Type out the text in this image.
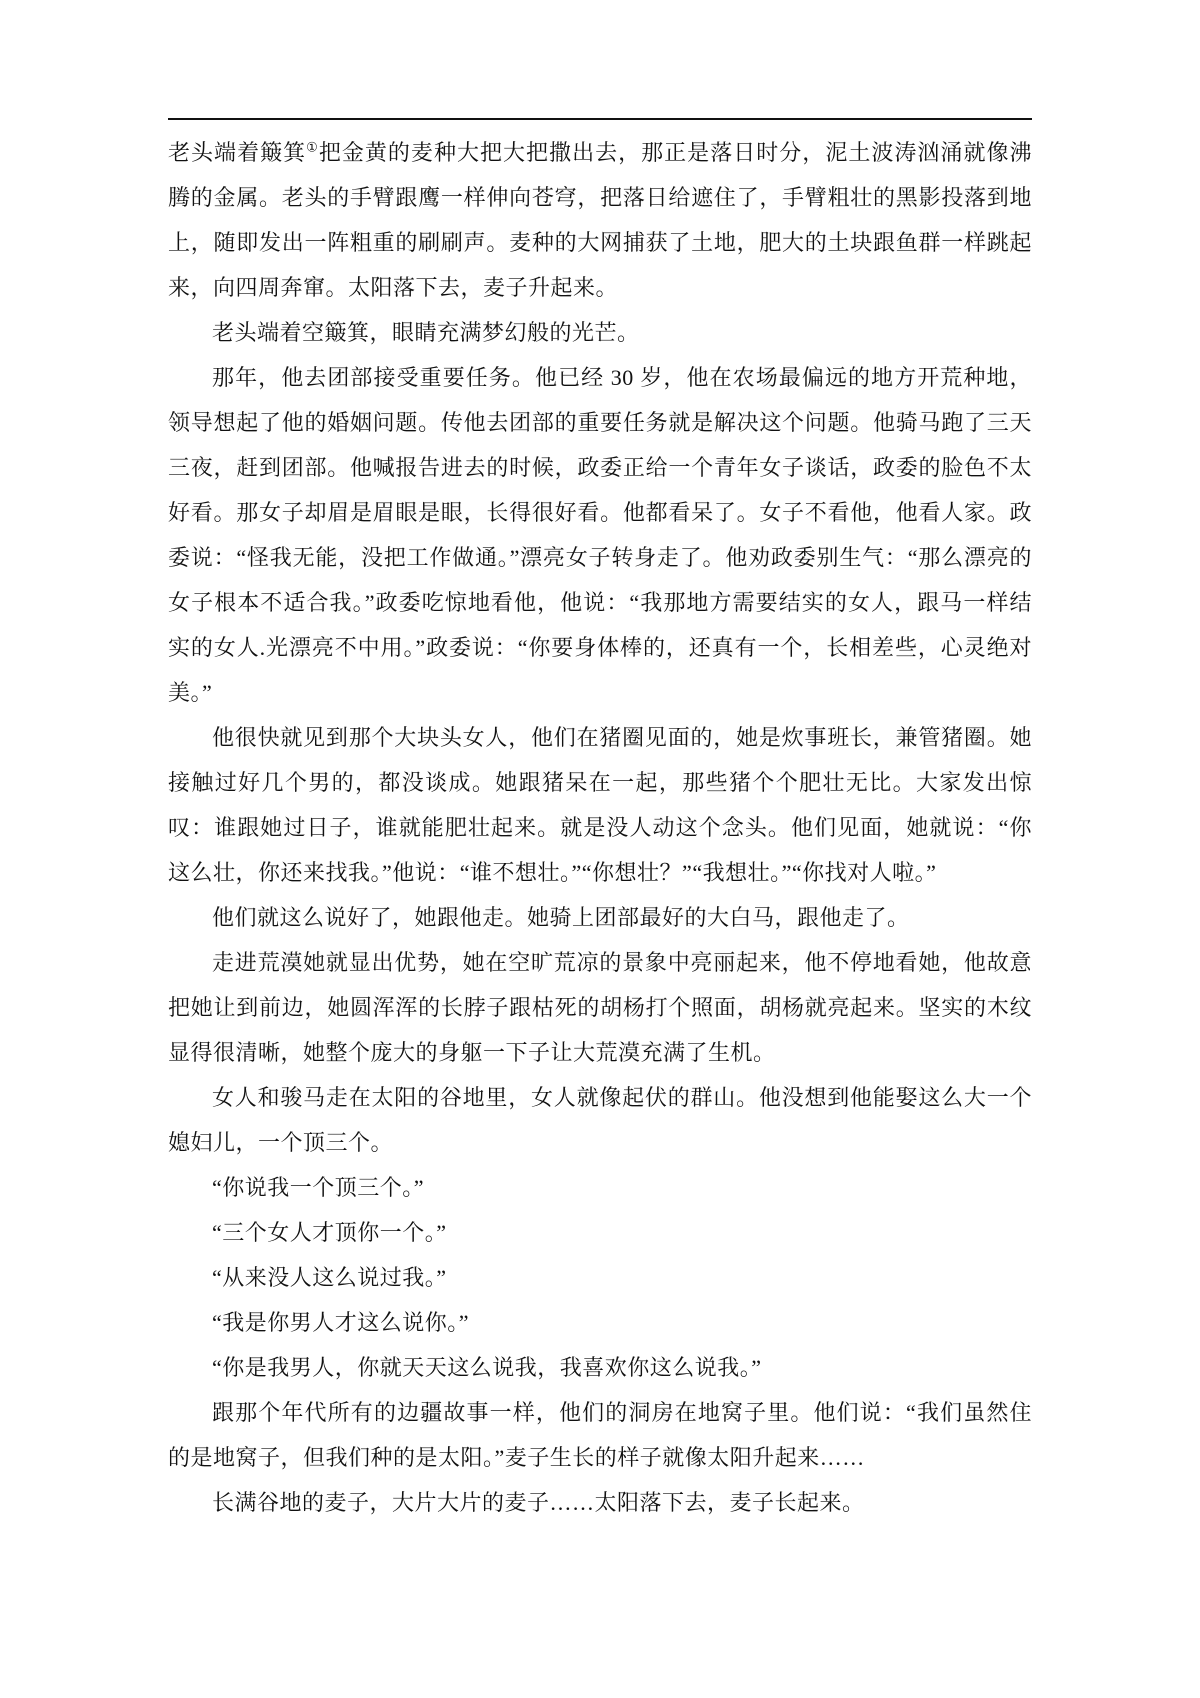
老头端着簸箕①把金黄的麦种大把大把撒出去，那正是落日时分，泥土波涛汹涌就像沸腾的金属。老头的手臂跟鹰一样伸向苍穹，把落日给遮住了，手臂粗壮的黑影投落到地上，随即发出一阵粗重的刷刷声。麦种的大网捕获了土地，肥大的土块跟鱼群一样跳起来，向四周奔窜。太阳落下去，麦子升起来。

老头端着空簸箕，眼睛充满梦幻般的光芒。

那年，他去团部接受重要任务。他已经 30 岁，他在农场最偏远的地方开荒种地，领导想起了他的婚姻问题。传他去团部的重要任务就是解决这个问题。他骑马跑了三天三夜，赶到团部。他喊报告进去的时候，政委正给一个青年女子谈话，政委的脸色不太好看。那女子却眉是眉眼是眼，长得很好看。他都看呆了。女子不看他，他看人家。政委说：“怪我无能，没把工作做通。”漂亮女子转身走了。他劝政委别生气：“那么漂亮的女子根本不适合我。”政委吃惊地看他，他说：“我那地方需要结实的女人，跟马一样结实的女人.光漂亮不中用。”政委说：“你要身体棒的，还真有一个，长相差些，心灵绝对美。”

他很快就见到那个大块头女人，他们在猪圈见面的，她是炊事班长，兼管猪圈。她接触过好几个男的，都没谈成。她跟猪呆在一起，那些猪个个肥壮无比。大家发出惊叹：谁跟她过日子，谁就能肥壮起来。就是没人动这个念头。他们见面，她就说：“你这么壮，你还来找我。”他说：“谁不想壮。”“你想壮？”“我想壮。”“你找对人啦。”

他们就这么说好了，她跟他走。她骑上团部最好的大白马，跟他走了。

走进荒漠她就显出优势，她在空旷荒凉的景象中亮丽起来，他不停地看她，他故意把她让到前边，她圆浑浑的长脖子跟枯死的胡杨打个照面，胡杨就亮起来。坚实的木纹显得很清晰，她整个庞大的身躯一下子让大荒漠充满了生机。

女人和骏马走在太阳的谷地里，女人就像起伏的群山。他没想到他能娶这么大一个媳妇儿，一个顶三个。

“你说我一个顶三个。”

“三个女人才顶你一个。”

“从来没人这么说过我。”

“我是你男人才这么说你。”

“你是我男人，你就天天这么说我，我喜欢你这么说我。”

跟那个年代所有的边疆故事一样，他们的洞房在地窝子里。他们说：“我们虽然住的是地窝子，但我们种的是太阳。”麦子生长的样子就像太阳升起来……

长满谷地的麦子，大片大片的麦子……太阳落下去，麦子长起来。
